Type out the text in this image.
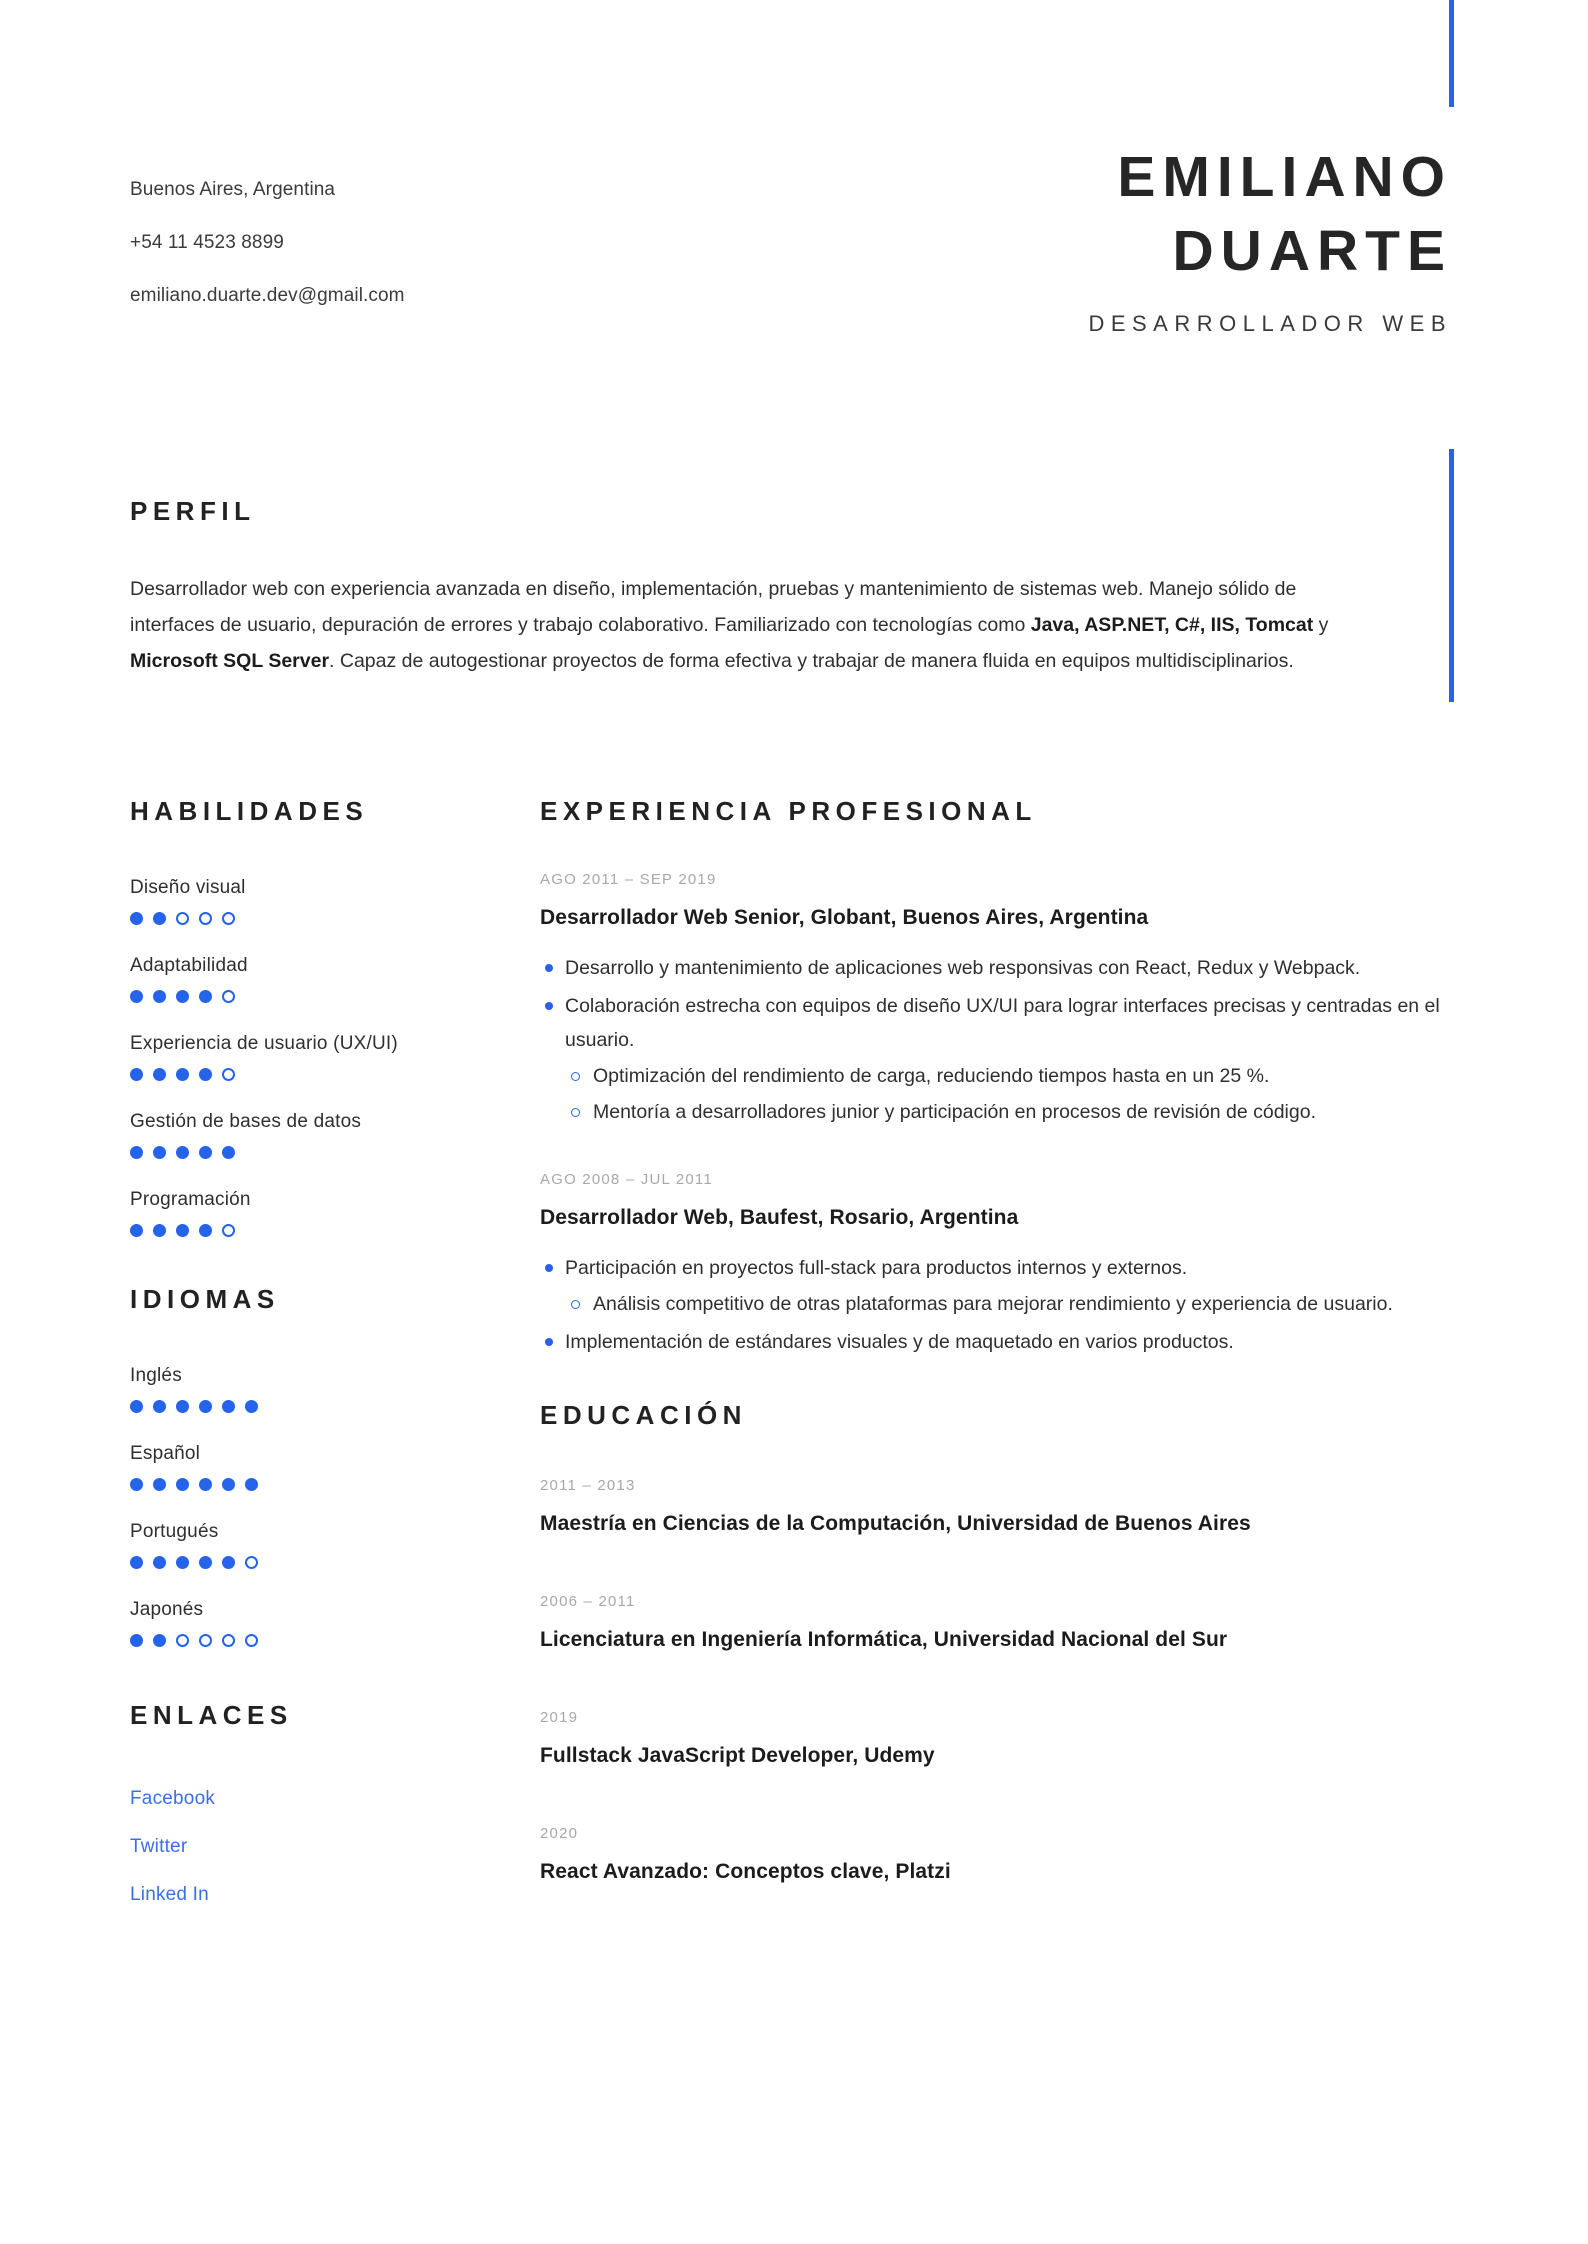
Buenos Aires, Argentina
+54 11 4523 8899
emiliano.duarte.dev@gmail.com
EMILIANO
DUARTE
DESARROLLADOR WEB
PERFIL
Desarrollador web con experiencia avanzada en diseño, implementación, pruebas y mantenimiento de sistemas web. Manejo sólido de interfaces de usuario, depuración de errores y trabajo colaborativo. Familiarizado con tecnologías como Java, ASP.NET, C#, IIS, Tomcat y Microsoft SQL Server. Capaz de autogestionar proyectos de forma efectiva y trabajar de manera fluida en equipos multidisciplinarios.
HABILIDADES
Diseño visual
Adaptabilidad
Experiencia de usuario (UX/UI)
Gestión de bases de datos
Programación
IDIOMAS
Inglés
Español
Portugués
Japonés
ENLACES
Facebook
Twitter
Linked In
EXPERIENCIA PROFESIONAL
AGO 2011 – SEP 2019
Desarrollador Web Senior, Globant, Buenos Aires, Argentina
Desarrollo y mantenimiento de aplicaciones web responsivas con React, Redux y Webpack.
Colaboración estrecha con equipos de diseño UX/UI para lograr interfaces precisas y centradas en el usuario.
Optimización del rendimiento de carga, reduciendo tiempos hasta en un 25 %.
Mentoría a desarrolladores junior y participación en procesos de revisión de código.
AGO 2008 – JUL 2011
Desarrollador Web, Baufest, Rosario, Argentina
Participación en proyectos full-stack para productos internos y externos.
Análisis competitivo de otras plataformas para mejorar rendimiento y experiencia de usuario.
Implementación de estándares visuales y de maquetado en varios productos.
EDUCACIÓN
2011 – 2013
Maestría en Ciencias de la Computación, Universidad de Buenos Aires
2006 – 2011
Licenciatura en Ingeniería Informática, Universidad Nacional del Sur
2019
Fullstack JavaScript Developer, Udemy
2020
React Avanzado: Conceptos clave, Platzi
